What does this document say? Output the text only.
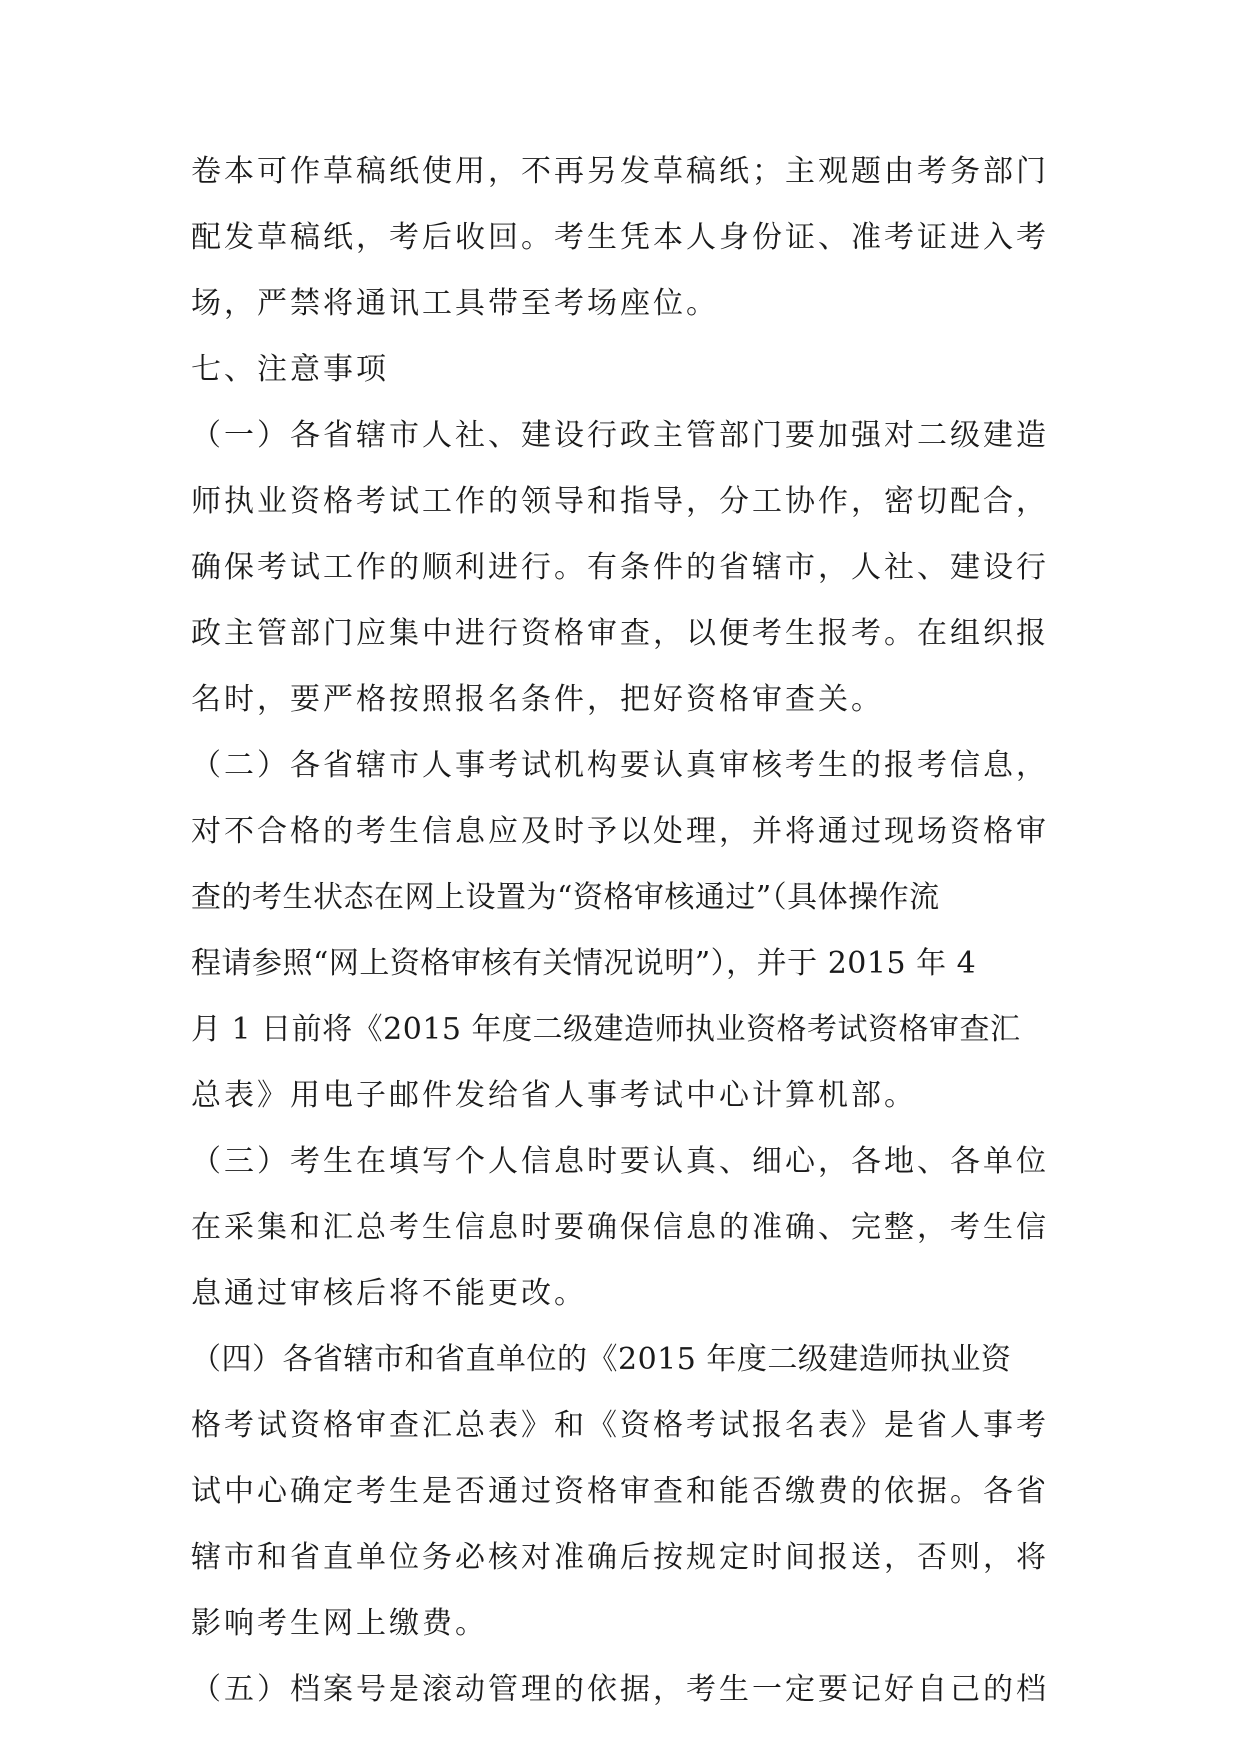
卷本可作草稿纸使用，不再另发草稿纸；主观题由考务部门
配发草稿纸，考后收回。考生凭本人身份证、准考证进入考
场，严禁将通讯工具带至考场座位。
七、注意事项
（一）各省辖市人社、建设行政主管部门要加强对二级建造
师执业资格考试工作的领导和指导，分工协作，密切配合，
确保考试工作的顺利进行。有条件的省辖市，人社、建设行
政主管部门应集中进行资格审查，以便考生报考。在组织报
名时，要严格按照报名条件，把好资格审查关。
（二）各省辖市人事考试机构要认真审核考生的报考信息，
对不合格的考生信息应及时予以处理，并将通过现场资格审
查的考生状态在网上设置为“资格审核通过”（具体操作流
程请参照“网上资格审核有关情况说明”），并于 2015 年 4
月 1 日前将《2015 年度二级建造师执业资格考试资格审查汇
总表》用电子邮件发给省人事考试中心计算机部。
（三）考生在填写个人信息时要认真、细心，各地、各单位
在采集和汇总考生信息时要确保信息的准确、完整，考生信
息通过审核后将不能更改。
（四）各省辖市和省直单位的《2015 年度二级建造师执业资
格考试资格审查汇总表》和《资格考试报名表》是省人事考
试中心确定考生是否通过资格审查和能否缴费的依据。各省
辖市和省直单位务必核对准确后按规定时间报送，否则，将
影响考生网上缴费。
（五）档案号是滚动管理的依据，考生一定要记好自己的档
